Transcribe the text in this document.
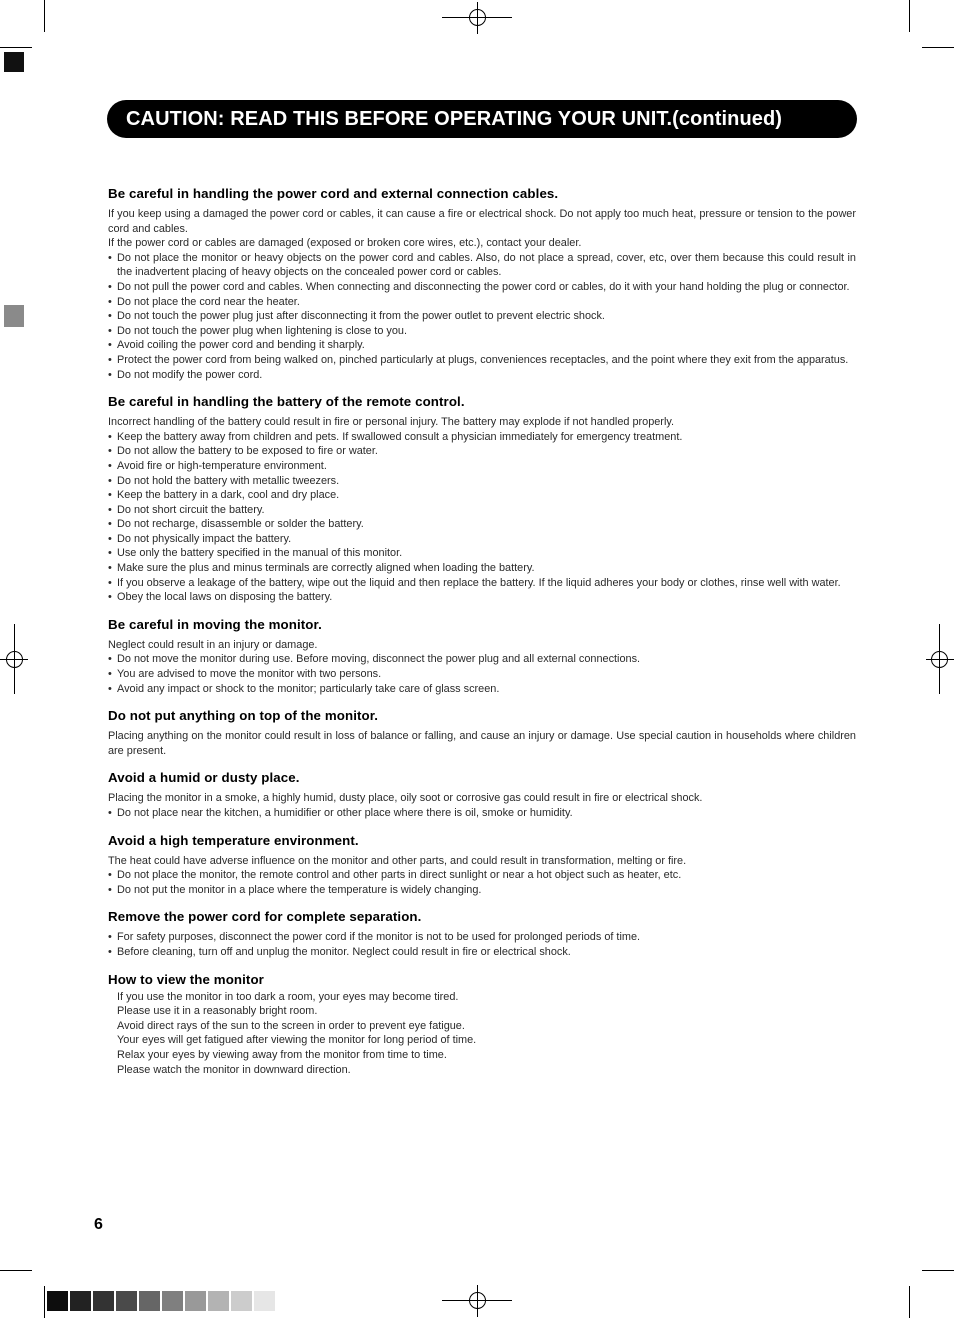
CAUTION: READ THIS BEFORE OPERATING YOUR UNIT.(continued)
Be careful in handling the power cord and external connection cables.

If you keep using a damaged the power cord or cables, it can cause a fire or electrical shock. Do not apply too much heat, pressure or tension to the power cord and cables.

If the power cord or cables are damaged (exposed or broken core wires, etc.), contact your dealer.

• Do not place the monitor or heavy objects on the power cord and cables. Also, do not place a spread, cover, etc, over them because this could result in the inadvertent placing of heavy objects on the concealed power cord or cables.

• Do not pull the power cord and cables. When connecting and disconnecting the power cord or cables, do it with your hand holding the plug or connector.

• Do not place the cord near the heater.

• Do not touch the power plug just after disconnecting it from the power outlet to prevent electric shock.

• Do not touch the power plug when lightening is close to you.

• Avoid coiling the power cord and bending it sharply.

• Protect the power cord from being walked on, pinched particularly at plugs, conveniences receptacles, and the point where they exit from the apparatus.

• Do not modify the power cord.

Be careful in handling the battery of the remote control.

Incorrect handling of the battery could result in fire or personal injury. The battery may explode if not handled properly.

• Keep the battery away from children and pets. If swallowed consult a physician immediately for emergency treatment.

• Do not allow the battery to be exposed to fire or water.

• Avoid fire or high-temperature environment.

• Do not hold the battery with metallic tweezers.

• Keep the battery in a dark, cool and dry place.

• Do not short circuit the battery.

• Do not recharge, disassemble or solder the battery.

• Do not physically impact the battery.

• Use only the battery specified in the manual of this monitor.

• Make sure the plus and minus terminals are correctly aligned when loading the battery.

• If you observe a leakage of the battery, wipe out the liquid and then replace the battery. If the liquid adheres your body or clothes, rinse well with water.

• Obey the local laws on disposing the battery.

Be careful in moving the monitor.

Neglect could result in an injury or damage.

• Do not move the monitor during use. Before moving, disconnect the power plug and all external connections.

• You are advised to move the monitor with two persons.

• Avoid any impact or shock to the monitor; particularly take care of glass screen.

Do not put anything on top of the monitor.

Placing anything on the monitor could result in loss of balance or falling, and cause an injury or damage. Use special caution in households where children are present.

Avoid a humid or dusty place.

Placing the monitor in a smoke, a highly humid, dusty place, oily soot or corrosive gas could result in fire or electrical shock.

• Do not place near the kitchen, a humidifier or other place where there is oil, smoke or humidity.

Avoid a high temperature environment.

The heat could have adverse influence on the monitor and other parts, and could result in transformation, melting or fire.

• Do not place the monitor, the remote control and other parts in direct sunlight or near a hot object such as heater, etc.

• Do not put the monitor in a place where the temperature is widely changing.

Remove the power cord for complete separation.

• For safety purposes, disconnect the power cord if the monitor is not to be used for prolonged periods of time.

• Before cleaning, turn off and unplug the monitor. Neglect could result in fire or electrical shock.

How to view the monitor

If you use the monitor in too dark a room, your eyes may become tired.

Please use it in a reasonably bright room.

Avoid direct rays of the sun to the screen in order to prevent eye fatigue.

Your eyes will get fatigued after viewing the monitor for long period of time.

Relax your eyes by viewing away from the monitor from time to time.

Please watch the monitor in downward direction.

6
